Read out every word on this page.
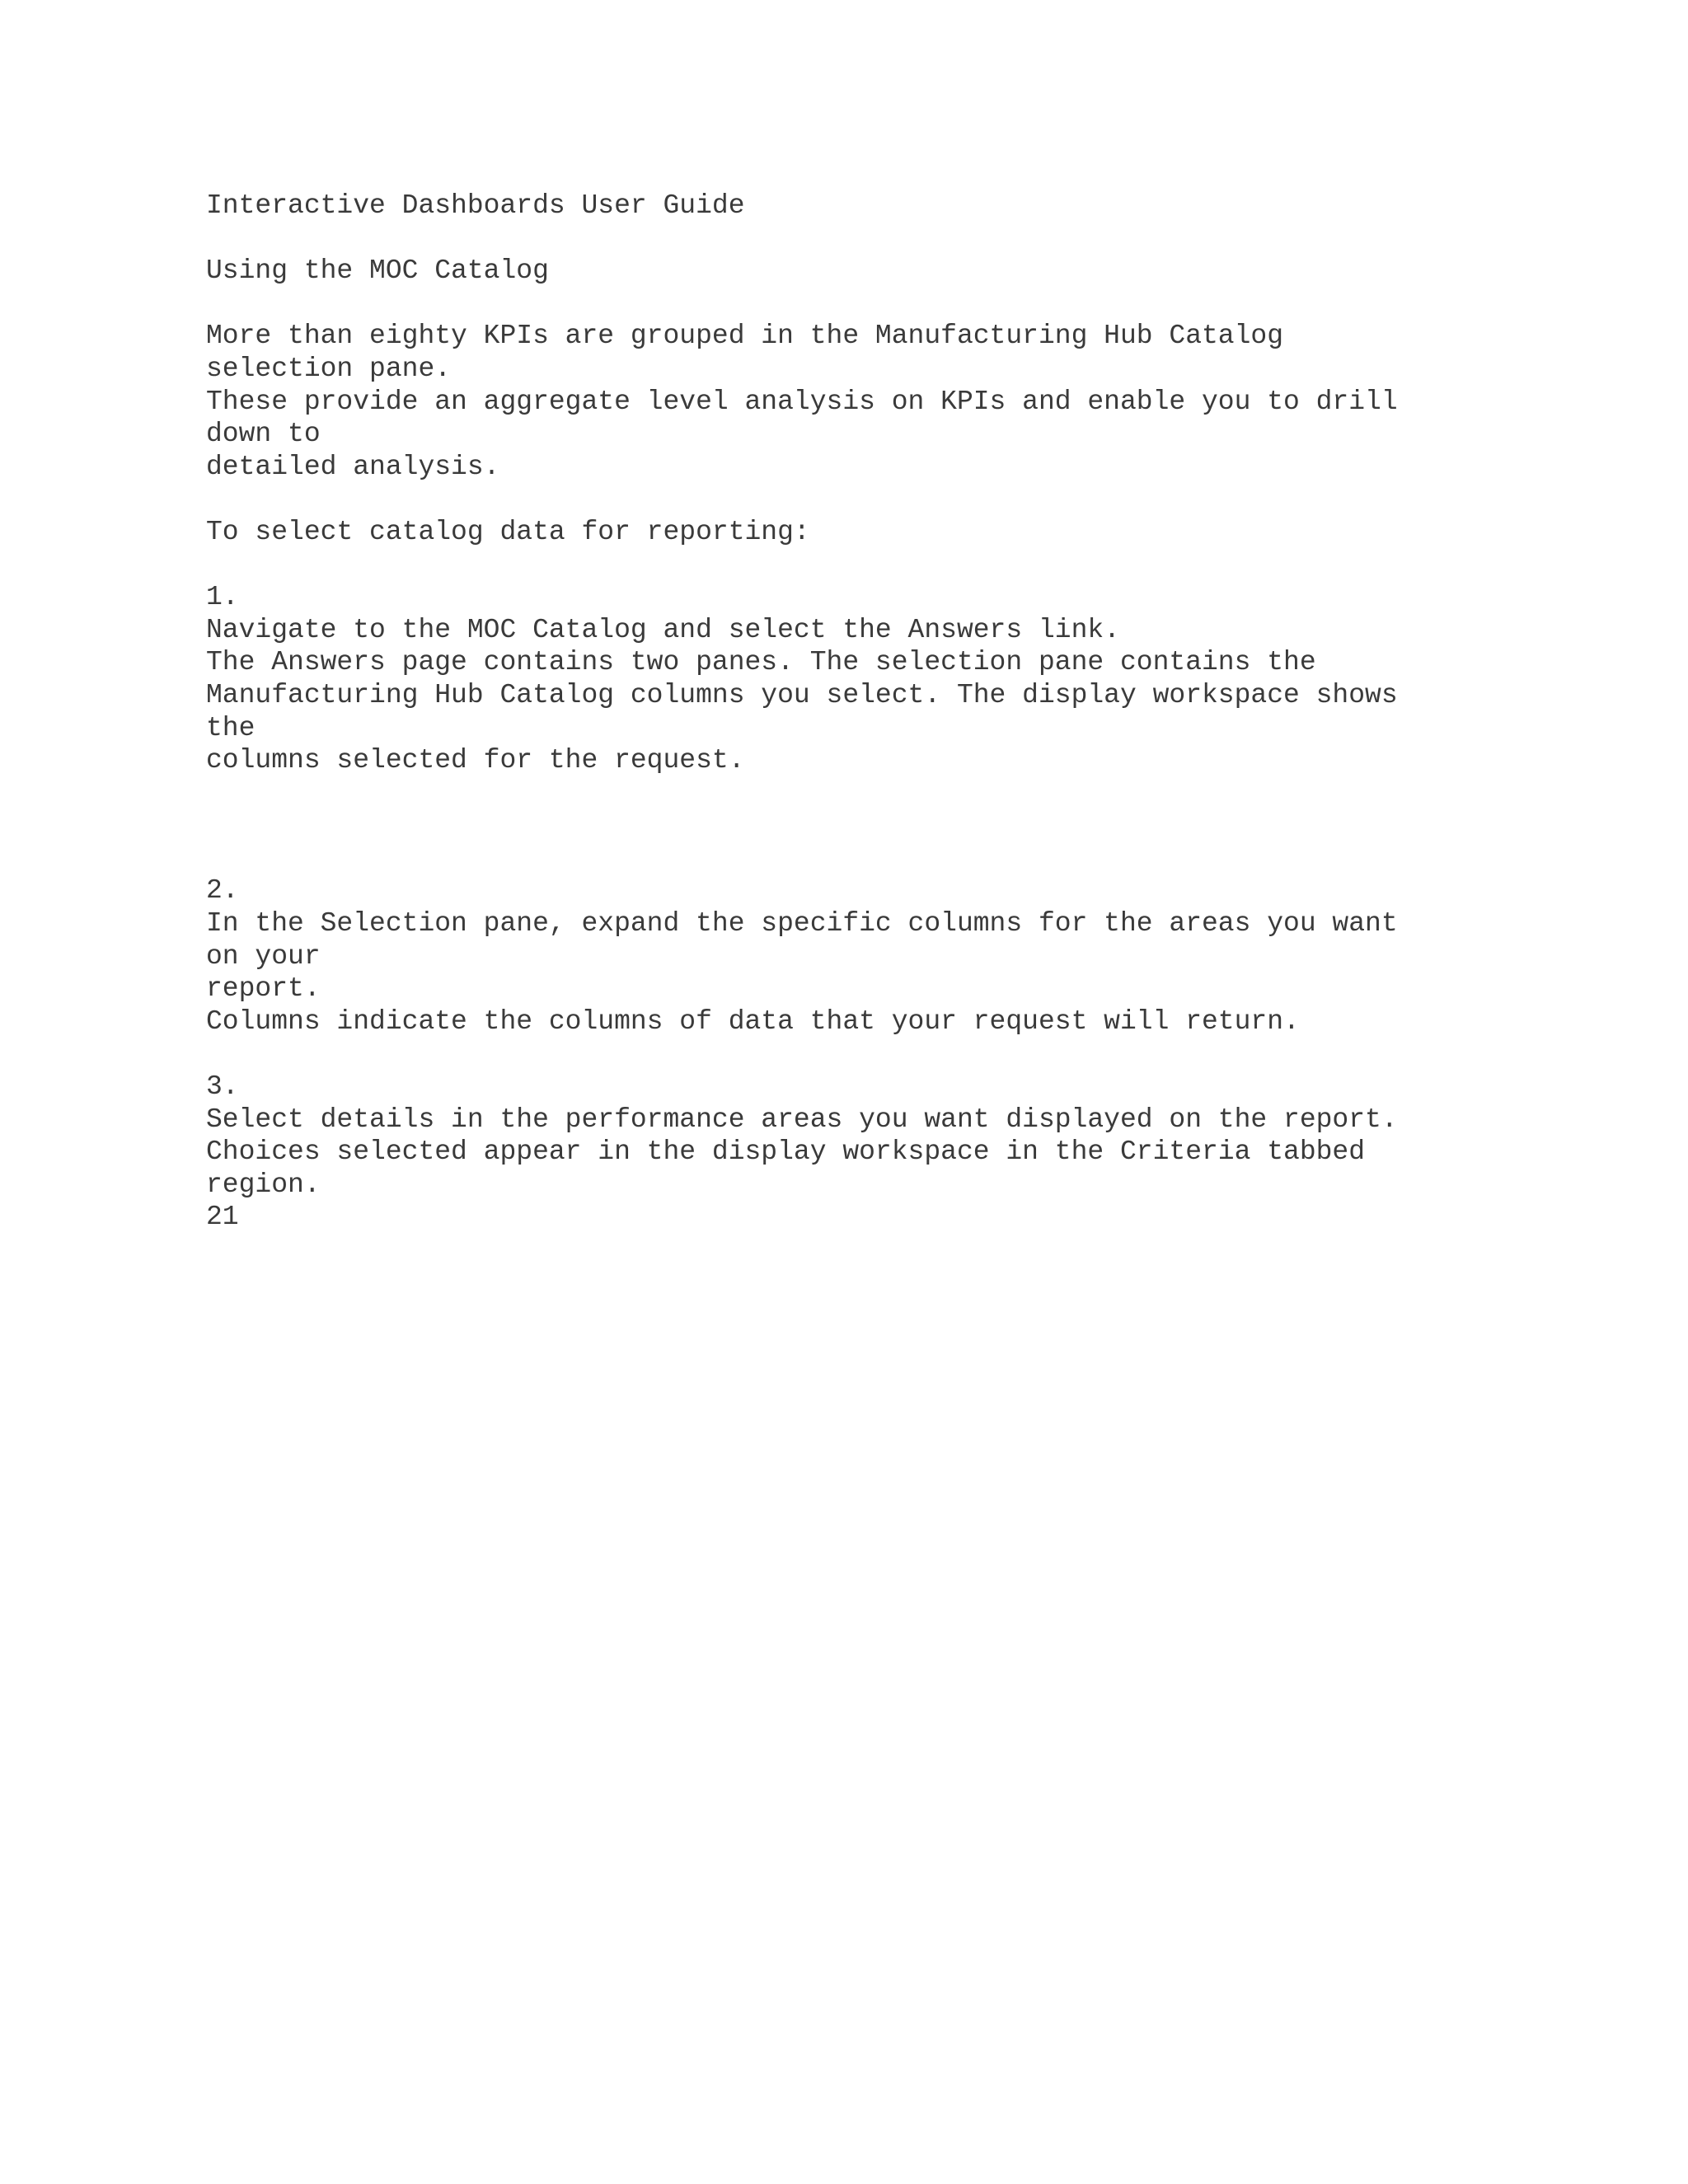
Interactive Dashboards User Guide
Using the MOC Catalog
More than eighty KPIs are grouped in the Manufacturing Hub Catalog
selection pane.
These provide an aggregate level analysis on KPIs and enable you to drill
down to
detailed analysis.
To select catalog data for reporting:
1.
Navigate to the MOC Catalog and select the Answers link.
The Answers page contains two panes. The selection pane contains the
Manufacturing Hub Catalog columns you select. The display workspace shows
the
columns selected for the request.
2.
In the Selection pane, expand the specific columns for the areas you want
on your
report.
Columns indicate the columns of data that your request will return.
3.
Select details in the performance areas you want displayed on the report.
Choices selected appear in the display workspace in the Criteria tabbed
region.
21
